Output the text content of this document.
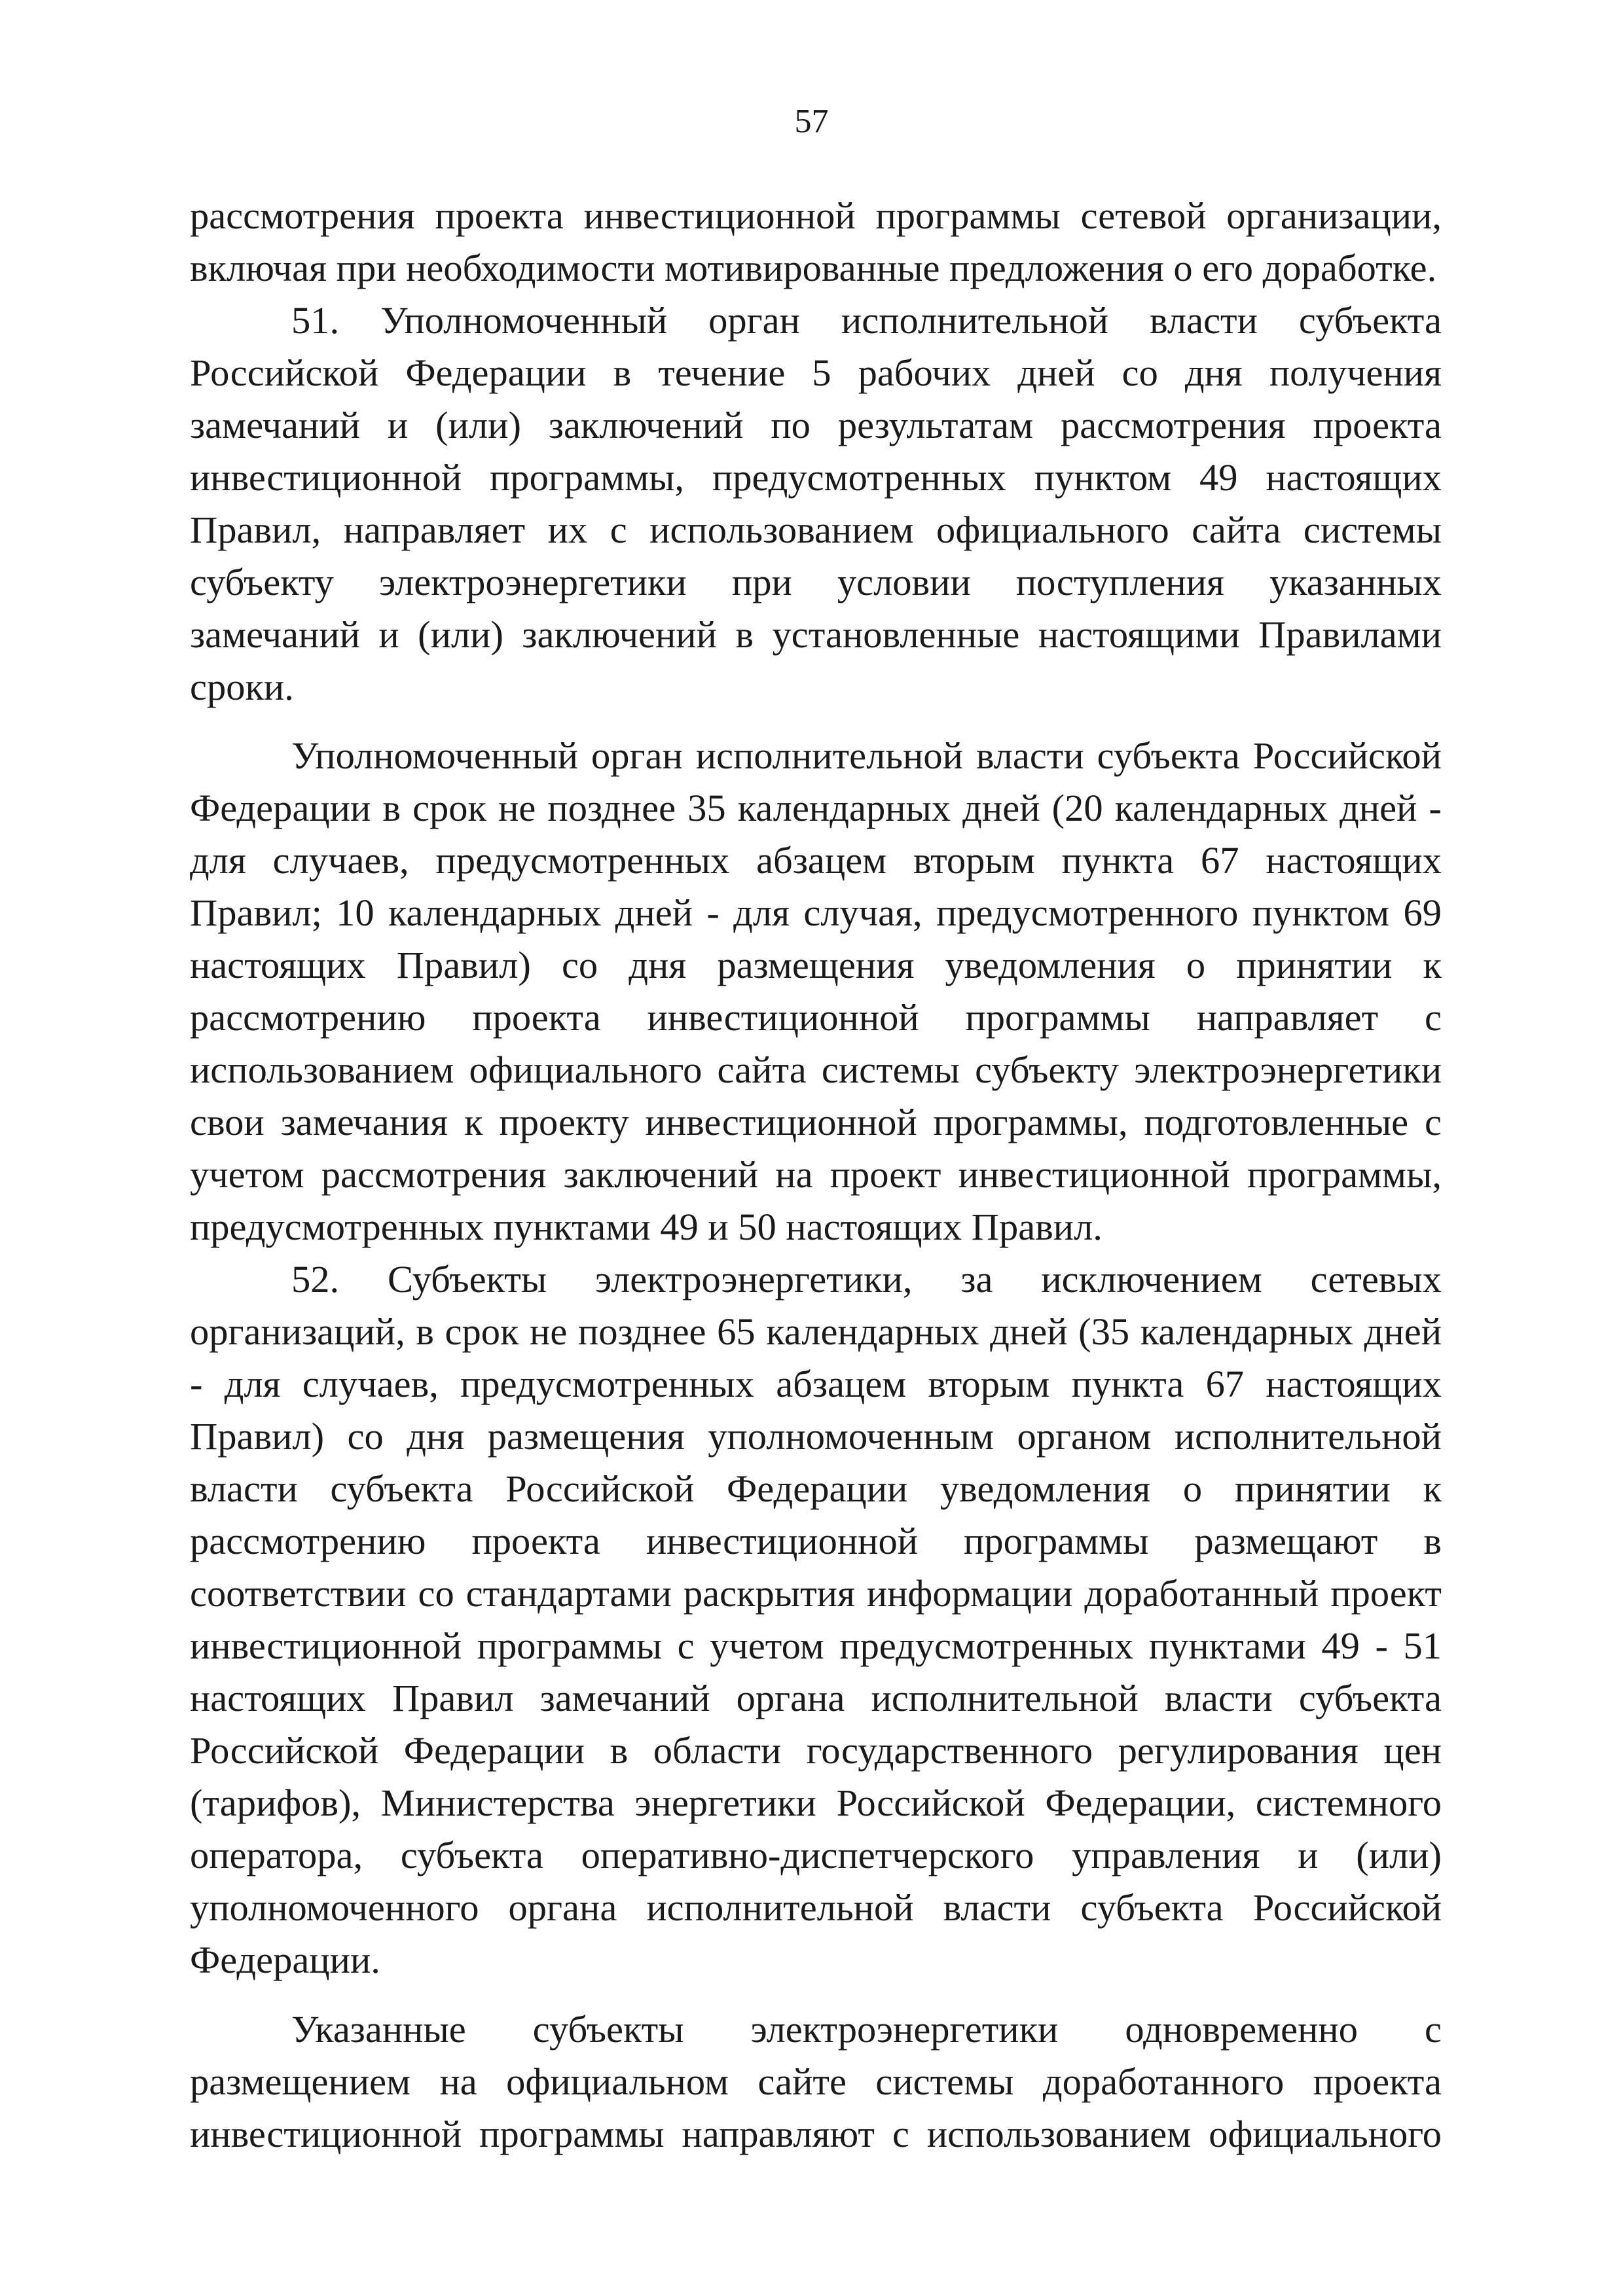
57

рассмотрения проекта инвестиционной программы сетевой организации, включая при необходимости мотивированные предложения о его доработке.

51. Уполномоченный орган исполнительной власти субъекта Российской Федерации в течение 5 рабочих дней со дня получения замечаний и (или) заключений по результатам рассмотрения проекта инвестиционной программы, предусмотренных пунктом 49 настоящих Правил, направляет их с использованием официального сайта системы субъекту электроэнергетики при условии поступления указанных замечаний и (или) заключений в установленные настоящими Правилами сроки.

Уполномоченный орган исполнительной власти субъекта Российской Федерации в срок не позднее 35 календарных дней (20 календарных дней - для случаев, предусмотренных абзацем вторым пункта 67 настоящих Правил; 10 календарных дней - для случая, предусмотренного пунктом 69 настоящих Правил) со дня размещения уведомления о принятии к рассмотрению проекта инвестиционной программы направляет с использованием официального сайта системы субъекту электроэнергетики свои замечания к проекту инвестиционной программы, подготовленные с учетом рассмотрения заключений на проект инвестиционной программы, предусмотренных пунктами 49 и 50 настоящих Правил.

52. Субъекты электроэнергетики, за исключением сетевых организаций, в срок не позднее 65 календарных дней (35 календарных дней - для случаев, предусмотренных абзацем вторым пункта 67 настоящих Правил) со дня размещения уполномоченным органом исполнительной власти субъекта Российской Федерации уведомления о принятии к рассмотрению проекта инвестиционной программы размещают в соответствии со стандартами раскрытия информации доработанный проект инвестиционной программы с учетом предусмотренных пунктами 49 - 51 настоящих Правил замечаний органа исполнительной власти субъекта Российской Федерации в области государственного регулирования цен (тарифов), Министерства энергетики Российской Федерации, системного оператора, субъекта оперативно-диспетчерского управления и (или) уполномоченного органа исполнительной власти субъекта Российской Федерации.

Указанные субъекты электроэнергетики одновременно с размещением на официальном сайте системы доработанного проекта инвестиционной программы направляют с использованием официального
